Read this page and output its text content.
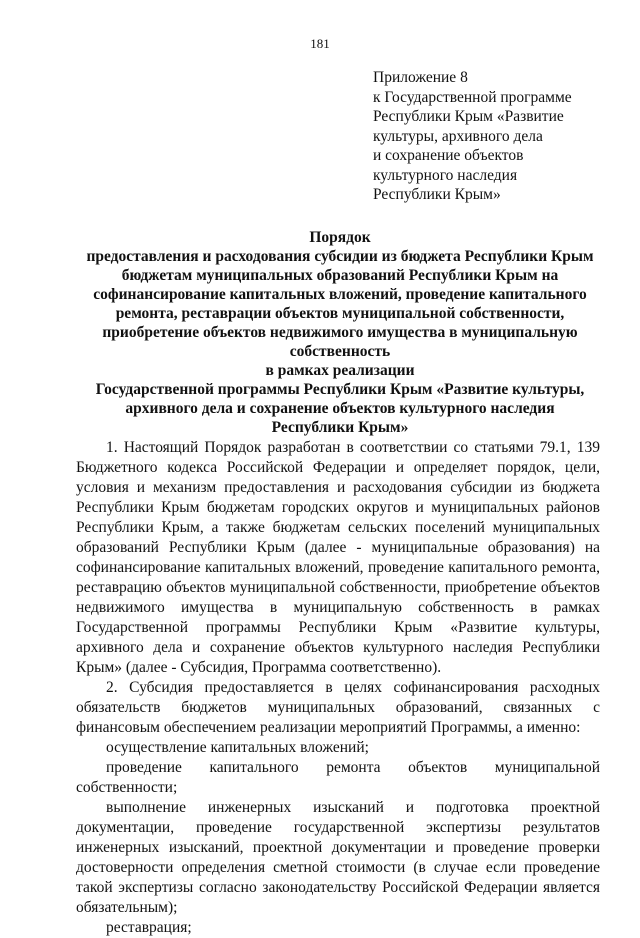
181
Приложение 8
к Государственной программе
Республики Крым «Развитие
культуры, архивного дела
и сохранение объектов
культурного наследия
Республики Крым»
Порядок
предоставления и расходования субсидии из бюджета Республики Крым
бюджетам муниципальных образований Республики Крым на
софинансирование капитальных вложений, проведение капитального
ремонта, реставрации объектов муниципальной собственности,
приобретение объектов недвижимого имущества в муниципальную
собственность
в рамках реализации
Государственной программы Республики Крым «Развитие культуры,
архивного дела и сохранение объектов культурного наследия
Республики Крым»

1. Настоящий Порядок разработан в соответствии со статьями 79.1, 139 Бюджетного кодекса Российской Федерации и определяет порядок, цели, условия и механизм предоставления и расходования субсидии из бюджета Республики Крым бюджетам городских округов и муниципальных районов Республики Крым, а также бюджетам сельских поселений муниципальных образований Республики Крым (далее - муниципальные образования) на софинансирование капитальных вложений, проведение капитального ремонта, реставрацию объектов муниципальной собственности, приобретение объектов недвижимого имущества в муниципальную собственность в рамках Государственной программы Республики Крым «Развитие культуры, архивного дела и сохранение объектов культурного наследия Республики Крым» (далее - Субсидия, Программа соответственно).

2. Субсидия предоставляется в целях софинансирования расходных обязательств бюджетов муниципальных образований, связанных с финансовым обеспечением реализации мероприятий Программы, а именно:

осуществление капитальных вложений;

проведение капитального ремонта объектов муниципальной собственности;

выполнение инженерных изысканий и подготовка проектной документации, проведение государственной экспертизы результатов инженерных изысканий, проектной документации и проведение проверки достоверности определения сметной стоимости (в случае если проведение такой экспертизы согласно законодательству Российской Федерации является обязательным);

реставрация;
